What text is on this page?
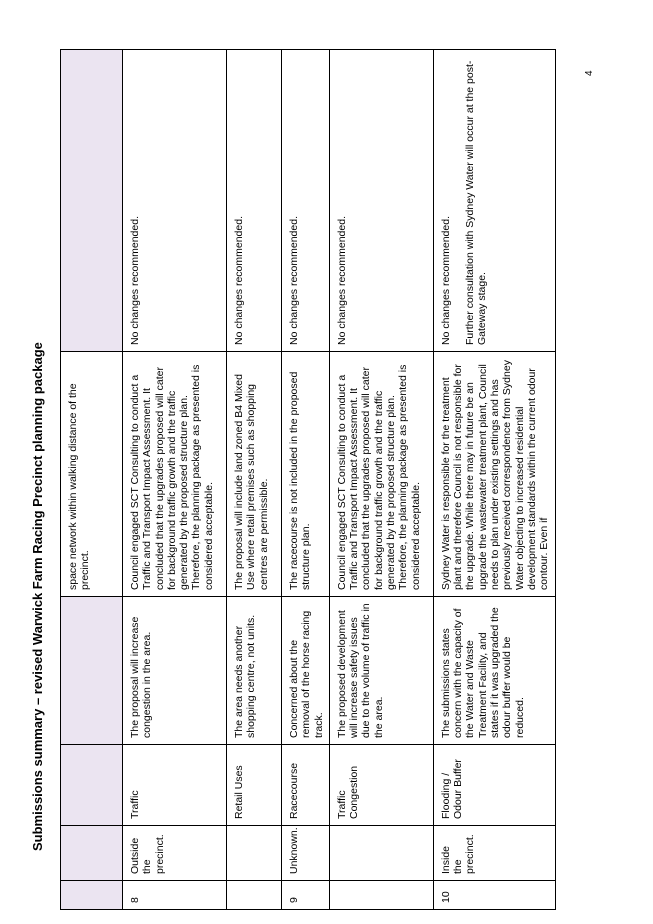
Submissions summary – revised Warwick Farm Racing Precinct planning package
				space network within walking distance of the precinct.	
8	Outside the precinct.	Traffic	The proposal will increase congestion in the area.	Council engaged SCT Consulting to conduct a Traffic and Transport Impact Assessment. It concluded that the upgrades proposed will cater for background traffic growth and the traffic generated by the proposed structure plan. Therefore, the planning package as presented is considered acceptable.	No changes recommended.
		Retail Uses	The area needs another shopping centre, not units.	The proposal will include land zoned B4 Mixed Use where retail premises such as shopping centres are permissible.	No changes recommended.
9	Unknown.	Racecourse	Concerned about the removal of the horse racing track.	The racecourse is not included in the proposed structure plan.	No changes recommended.
		Traffic Congestion	The proposed development will increase safety issues due to the volume of traffic in the area.	Council engaged SCT Consulting to conduct a Traffic and Transport Impact Assessment. It concluded that the upgrades proposed will cater for background traffic growth and the traffic generated by the proposed structure plan. Therefore, the planning package as presented is considered acceptable.	No changes recommended.
10	Inside the precinct.	Flooding / Odour Buffer	The submissions states concern with the capacity of the Water and Waste Treatment Facility, and states if it was upgraded the odour buffer would be reduced.	Sydney Water is responsible for the treatment plant and therefore Council is not responsible for the upgrade. While there may in future be an upgrade the wastewater treatment plant, Council needs to plan under existing settings and has previously received correspondence from Sydney Water objecting to increased residential development standards within the current odour contour. Even if	No changes recommended. Further consultation with Sydney Water will occur at the post-Gateway stage.
4
